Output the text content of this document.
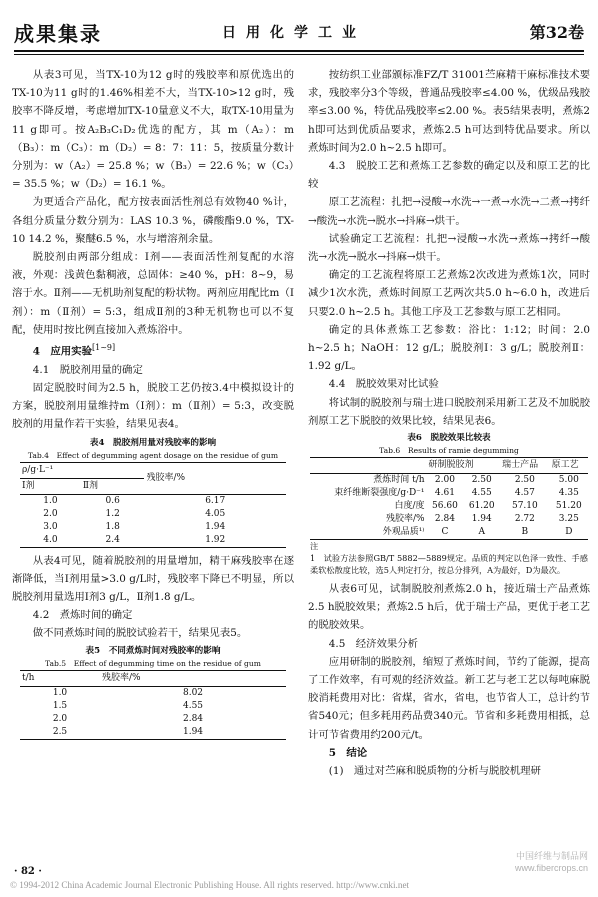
成果集录	日用化学工业	第32卷

从表3可见，当TX-10为12 g时的残胶率和原优选出的TX-10为11 g时的1.46%相差不大，当TX-10>12 g时，残胶率不降反增，考虑增加TX-10量意义不大，取TX-10用量为11 g即可。按A₂B₃C₁D₂优选的配方，其 m（A₂）：m（B₃）：m（C₃）：m（D₂）= 8：7：11：5，按质量分数计分别为：w（A₂）= 25.8 %；w（B₃）= 22.6 %；w（C₃）= 35.5 %；w（D₂）= 16.1 %。

为更适合产品化，配方按表面活性剂总有效物40 %计，各组分质量分数分别为：LAS 10.3 %，磷酸酯9.0 %，TX-10 14.2 %，聚醚6.5 %，水与增溶剂余量。

脱胶剂由两部分组成：Ⅰ剂——表面活性剂复配的水溶液，外观：浅黄色黏稠液，总固体：≥40 %，pH：8~9，易溶于水。Ⅱ剂——无机助剂复配的粉状物。两剂应用配比m（Ⅰ剂）：m（Ⅱ剂）= 5:3，组成Ⅱ剂的3种无机物也可以不复配，使用时按比例直接加入煮炼浴中。

4　应用实验[1~9]

4.1　脱胶剂用量的确定

固定脱胶时间为2.5 h，脱胶工艺仍按3.4中模拟设计的方案，脱胶剂用量维持m（Ⅰ剂）：m（Ⅱ剂）= 5:3，改变脱胶剂的用量作若干实验，结果见表4。

表4　脱胶剂用量对残胶率的影响
Tab.4　Effect of degumming agent dosage on the residue of gum
ρ/g·L⁻¹		残胶率/%
Ⅰ剂	Ⅱ剂	
1.0	0.6	6.17
2.0	1.2	4.05
3.0	1.8	1.94
4.0	2.4	1.92

从表4可见，随着脱胶剂的用量增加，精干麻残胶率在逐渐降低，当Ⅰ剂用量>3.0 g/L时，残胶率下降已不明显，所以脱胶剂用量选用Ⅰ剂3 g/L，Ⅱ剂1.8 g/L。

4.2　煮炼时间的确定

做不同煮炼时间的脱胶试验若干，结果见表5。

表5　不同煮炼时间对残胶率的影响
Tab.5　Effect of degumming time on the residue of gum
t/h	残胶率/%
1.0	8.02
1.5	4.55
2.0	2.84
2.5	1.94

按纺织工业部颁标准FZ/T 31001苎麻精干麻标准技术要求，残胶率分3个等级，普通品残胶率≤4.00 %，优级品残胶率≤3.00 %，特优品残胶率≤2.00 %。表5结果表明，煮炼2 h即可达到优质品要求，煮炼2.5 h可达到特优品要求。所以煮炼时间为2.0 h~2.5 h即可。

4.3　脱胶工艺和煮炼工艺参数的确定以及和原工艺的比较

原工艺流程：扎把→浸酸→水洗→一煮→水洗→二煮→拷纤→酸洗→水洗→脱水→抖麻→烘干。

试验确定工艺流程：扎把→浸酸→水洗→煮炼→拷纤→酸洗→水洗→脱水→抖麻→烘干。

确定的工艺流程将原工艺煮炼2次改进为煮炼1次，同时减少1次水洗，煮炼时间原工艺两次共5.0 h~6.0 h，改进后只要2.0 h~2.5 h。其他工序及工艺参数与原工艺相同。

确定的具体煮炼工艺参数：浴比：1:12；时间：2.0 h~2.5 h；NaOH：12 g/L；脱胶剂Ⅰ：3 g/L；脱胶剂Ⅱ：1.92 g/L。

4.4　脱胶效果对比试验

将试制的脱胶剂与瑞士进口脱胶剂采用新工艺及不加脱胶剂原工艺下脱胶的效果比较，结果见表6。

表6　脱胶效果比较表
Tab.6　Results of ramie degumming
	研制脱胶剂		瑞士产品	原工艺
煮炼时间 t/h	2.00	2.50	2.50	5.00
束纤维断裂强度/g·D⁻¹	4.61	4.55	4.57	4.35
白度/度	56.60	61.20	57.10	51.20
残胶率/%	2.84	1.94	2.72	3.25
外观品质¹⁾	C	A	B	D
注
1　试验方法参照GB/T 5882—5889规定。品质的判定以色泽一致性、手感柔软松散度比较，选5人判定打分，按总分排列，A为最好，D为最次。

从表6可见，试制脱胶剂煮炼2.0 h，接近瑞士产品煮炼2.5 h脱胶效果；煮炼2.5 h后，优于瑞士产品，更优于老工艺的脱胶效果。

4.5　经济效果分析

应用研制的脱胶剂，缩短了煮炼时间，节约了能源，提高了工作效率，有可观的经济效益。新工艺与老工艺以每吨麻脱胶消耗费用对比：省煤，省水，省电，也节省人工，总计约节省540元；但多耗用药品费340元。节省和多耗费用相抵，总计可节省费用约200元/t。

5　结论

(1)　通过对苎麻和脱质物的分析与脱胶机理研

· 82 ·
© 1994-2012 China Academic Journal Electronic Publishing House. All rights reserved. http://www.cnki.net
中国纤维与制品网
www.fibercrops.cn
